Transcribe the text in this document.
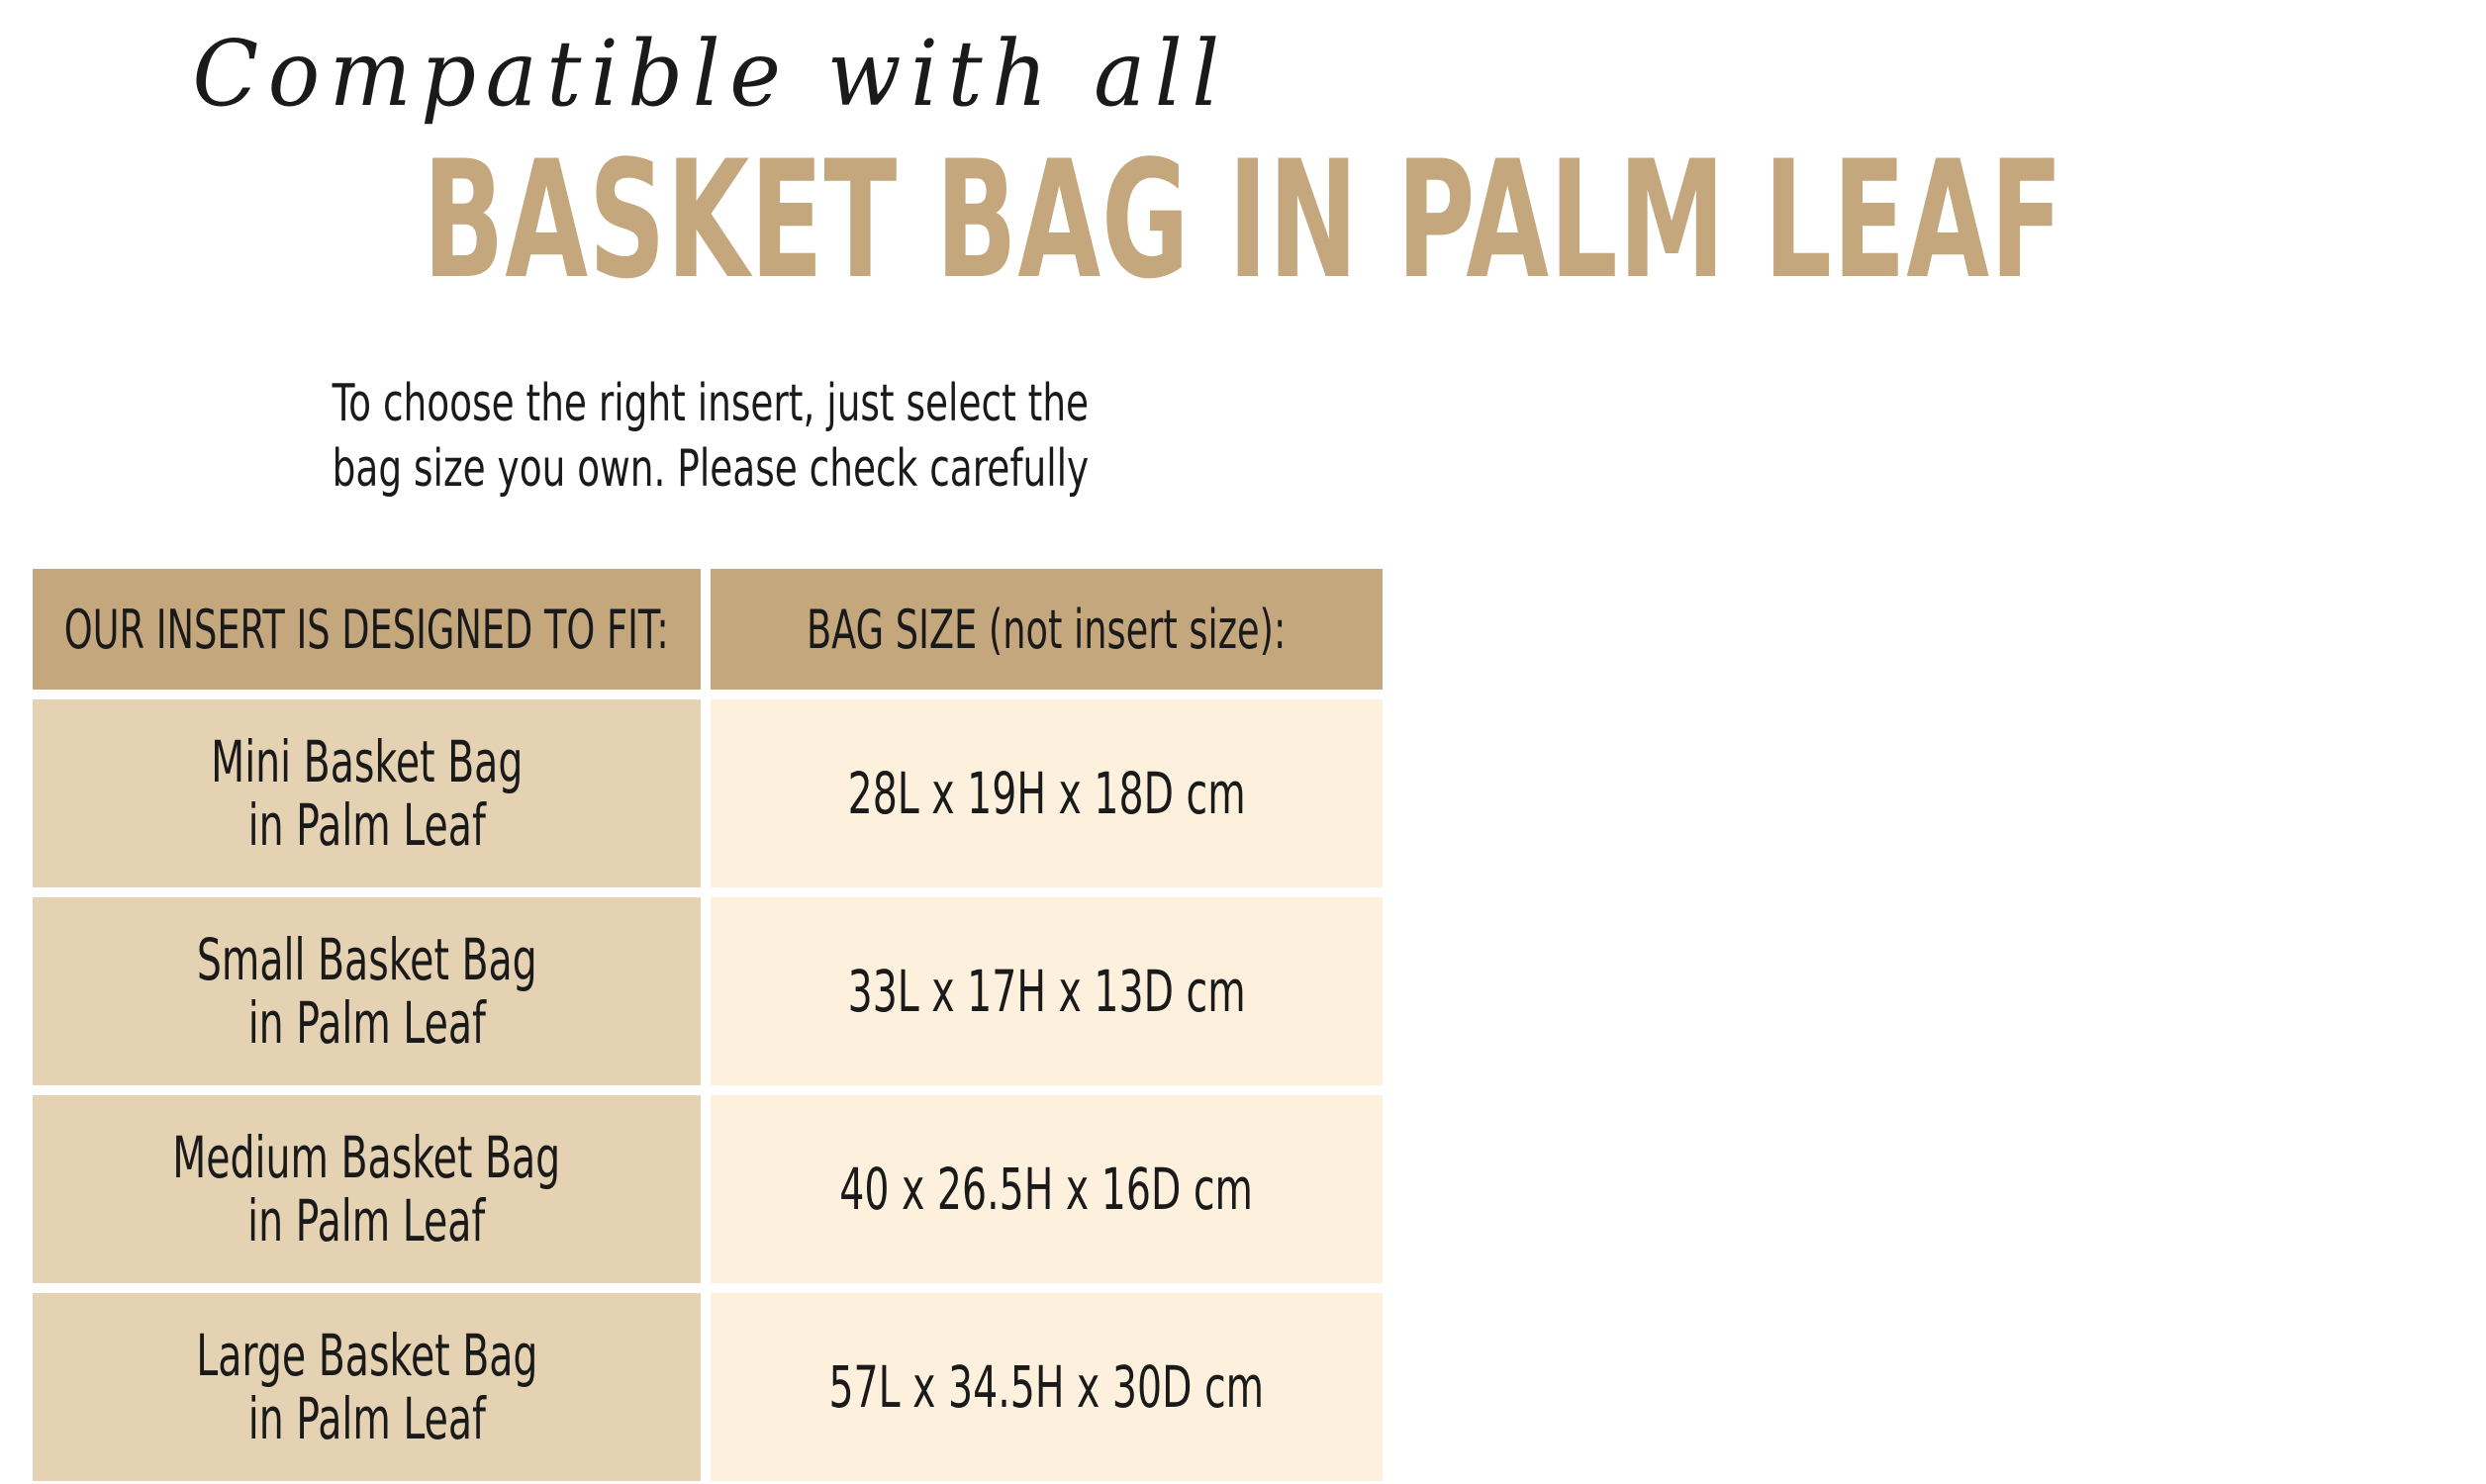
Compatible with all
BASKET BAG IN PALM LEAF
To choose the right insert, just select the
bag size you own. Please check carefully
OUR INSERT IS DESIGNED TO FIT:	BAG SIZE (not insert size):
Mini Basket Bag
in Palm Leaf	28L x 19H x 18D cm
Small Basket Bag
in Palm Leaf	33L x 17H x 13D cm
Medium Basket Bag
in Palm Leaf	40 x 26.5H x 16D cm
Large Basket Bag
in Palm Leaf	57L x 34.5H x 30D cm
